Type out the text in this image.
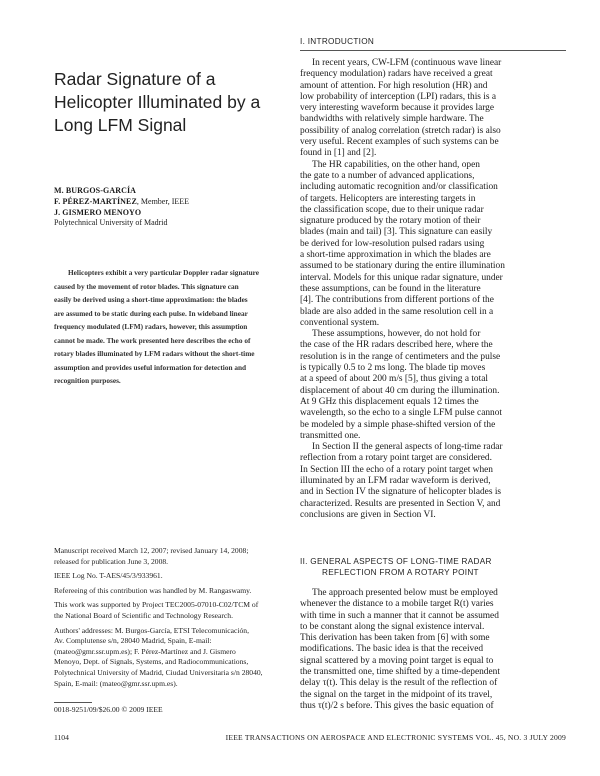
Radar Signature of a
Helicopter Illuminated by a
Long LFM Signal
M. BURGOS-GARCÍA
F. PÉREZ-MARTÍNEZ, Member, IEEE
J. GISMERO MENOYO
Polytechnical University of Madrid
Helicopters exhibit a very particular Doppler radar signature
caused by the movement of rotor blades. This signature can
easily be derived using a short-time approximation: the blades
are assumed to be static during each pulse. In wideband linear
frequency modulated (LFM) radars, however, this assumption
cannot be made. The work presented here describes the echo of
rotary blades illuminated by LFM radars without the short-time
assumption and provides useful information for detection and
recognition purposes.
Manuscript received March 12, 2007; revised January 14, 2008;
released for publication June 3, 2008.
IEEE Log No. T-AES/45/3/933961.
Refereeing of this contribution was handled by M. Rangaswamy.
This work was supported by Project TEC2005-07010-C02/TCM of
the National Board of Scientific and Technology Research.
Authors' addresses: M. Burgos-García, ETSI Telecomunicación,
Av. Complutense s/n, 28040 Madrid, Spain, E-mail:
(mateo@gmr.ssr.upm.es); F. Pérez-Martínez and J. Gismero
Menoyo, Dept. of Signals, Systems, and Radiocommunications,
Polytechnical University of Madrid, Ciudad Universitaria s/n 28040,
Spain, E-mail: (mateo@gmr.ssr.upm.es).
0018-9251/09/$26.00 © 2009 IEEE
1104	IEEE TRANSACTIONS ON AEROSPACE AND ELECTRONIC SYSTEMS VOL. 45, NO. 3 JULY 2009
I. INTRODUCTION
In recent years, CW-LFM (continuous wave linear
frequency modulation) radars have received a great
amount of attention. For high resolution (HR) and
low probability of interception (LPI) radars, this is a
very interesting waveform because it provides large
bandwidths with relatively simple hardware. The
possibility of analog correlation (stretch radar) is also
very useful. Recent examples of such systems can be
found in [1] and [2].
The HR capabilities, on the other hand, open
the gate to a number of advanced applications,
including automatic recognition and/or classification
of targets. Helicopters are interesting targets in
the classification scope, due to their unique radar
signature produced by the rotary motion of their
blades (main and tail) [3]. This signature can easily
be derived for low-resolution pulsed radars using
a short-time approximation in which the blades are
assumed to be stationary during the entire illumination
interval. Models for this unique radar signature, under
these assumptions, can be found in the literature
[4]. The contributions from different portions of the
blade are also added in the same resolution cell in a
conventional system.
These assumptions, however, do not hold for
the case of the HR radars described here, where the
resolution is in the range of centimeters and the pulse
is typically 0.5 to 2 ms long. The blade tip moves
at a speed of about 200 m/s [5], thus giving a total
displacement of about 40 cm during the illumination.
At 9 GHz this displacement equals 12 times the
wavelength, so the echo to a single LFM pulse cannot
be modeled by a simple phase-shifted version of the
transmitted one.
In Section II the general aspects of long-time radar
reflection from a rotary point target are considered.
In Section III the echo of a rotary point target when
illuminated by an LFM radar waveform is derived,
and in Section IV the signature of helicopter blades is
characterized. Results are presented in Section V, and
conclusions are given in Section VI.
II. GENERAL ASPECTS OF LONG-TIME RADAR
REFLECTION FROM A ROTARY POINT
The approach presented below must be employed
whenever the distance to a mobile target R(t) varies
with time in such a manner that it cannot be assumed
to be constant along the signal existence interval.
This derivation has been taken from [6] with some
modifications. The basic idea is that the received
signal scattered by a moving point target is equal to
the transmitted one, time shifted by a time-dependent
delay τ(t). This delay is the result of the reflection of
the signal on the target in the midpoint of its travel,
thus τ(t)/2 s before. This gives the basic equation of
